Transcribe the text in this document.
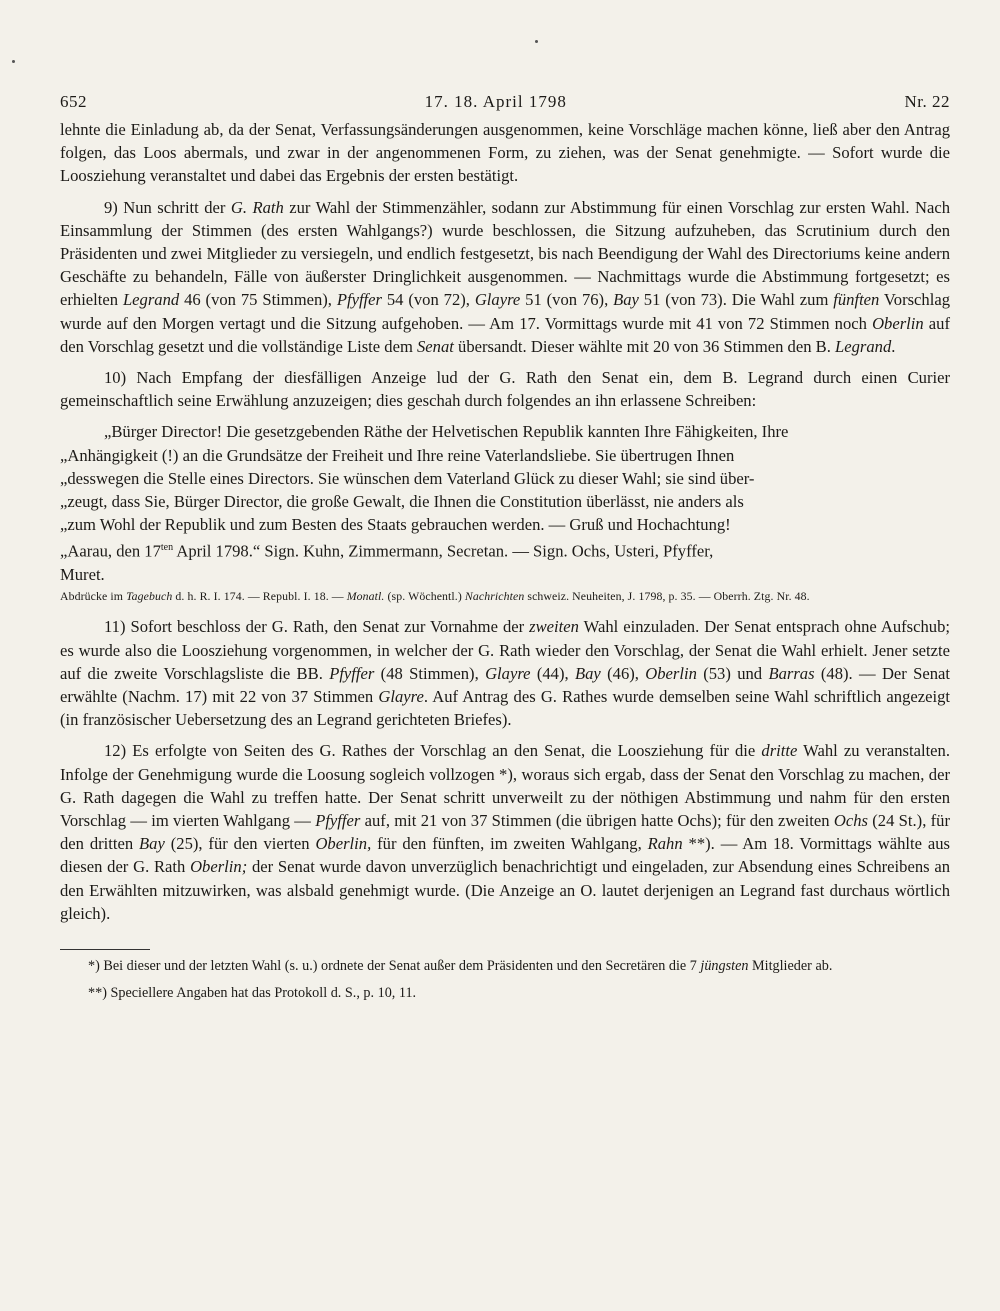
652	17. 18. April 1798	Nr. 22

lehnte die Einladung ab, da der Senat, Verfassungsänderungen ausgenommen, keine Vorschläge machen könne, ließ aber den Antrag folgen, das Loos abermals, und zwar in der angenommenen Form, zu ziehen, was der Senat genehmigte. — Sofort wurde die Loosziehung veranstaltet und dabei das Ergebnis der ersten bestätigt.

9) Nun schritt der G. Rath zur Wahl der Stimmenzähler, sodann zur Abstimmung für einen Vorschlag zur ersten Wahl. Nach Einsammlung der Stimmen (des ersten Wahlgangs?) wurde beschlossen, die Sitzung aufzuheben, das Scrutinium durch den Präsidenten und zwei Mitglieder zu versiegeln, und endlich festgesetzt, bis nach Beendigung der Wahl des Directoriums keine andern Geschäfte zu behandeln, Fälle von äußerster Dringlichkeit ausgenommen. — Nachmittags wurde die Abstimmung fortgesetzt; es erhielten Legrand 46 (von 75 Stimmen), Pfyffer 54 (von 72), Glayre 51 (von 76), Bay 51 (von 73). Die Wahl zum fünften Vorschlag wurde auf den Morgen vertagt und die Sitzung aufgehoben. — Am 17. Vormittags wurde mit 41 von 72 Stimmen noch Oberlin auf den Vorschlag gesetzt und die vollständige Liste dem Senat übersandt. Dieser wählte mit 20 von 36 Stimmen den B. Legrand.

10) Nach Empfang der diesfälligen Anzeige lud der G. Rath den Senat ein, dem B. Legrand durch einen Curier gemeinschaftlich seine Erwählung anzuzeigen; dies geschah durch folgendes an ihn erlassene Schreiben:

„Bürger Director! Die gesetzgebenden Räthe der Helvetischen Republik kannten Ihre Fähigkeiten, Ihre

„Anhängigkeit (!) an die Grundsätze der Freiheit und Ihre reine Vaterlandsliebe. Sie übertrugen Ihnen

„desswegen die Stelle eines Directors. Sie wünschen dem Vaterland Glück zu dieser Wahl; sie sind über-

„zeugt, dass Sie, Bürger Director, die große Gewalt, die Ihnen die Constitution überlässt, nie anders als

„zum Wohl der Republik und zum Besten des Staats gebrauchen werden. — Gruß und Hochachtung!

„Aarau, den $17^{ten}$ April 1798.“ Sign. Kuhn, Zimmermann, Secretan. — Sign. Ochs, Usteri, Pfyffer,

Muret.

Abdrücke im Tagebuch d. h. R. I. 174. — Republ. I. 18. — Monatl. (sp. Wöchentl.) Nachrichten schweiz. Neuheiten, J. 1798, p. 35. — Oberrh. Ztg. Nr. 48.

11) Sofort beschloss der G. Rath, den Senat zur Vornahme der zweiten Wahl einzuladen. Der Senat entsprach ohne Aufschub; es wurde also die Loosziehung vorgenommen, in welcher der G. Rath wieder den Vorschlag, der Senat die Wahl erhielt. Jener setzte auf die zweite Vorschlagsliste die BB. Pfyffer (48 Stimmen), Glayre (44), Bay (46), Oberlin (53) und Barras (48). — Der Senat erwählte (Nachm. 17) mit 22 von 37 Stimmen Glayre. Auf Antrag des G. Rathes wurde demselben seine Wahl schriftlich angezeigt (in französischer Uebersetzung des an Legrand gerichteten Briefes).

12) Es erfolgte von Seiten des G. Rathes der Vorschlag an den Senat, die Loosziehung für die dritte Wahl zu veranstalten. Infolge der Genehmigung wurde die Loosung sogleich vollzogen *), woraus sich ergab, dass der Senat den Vorschlag zu machen, der G. Rath dagegen die Wahl zu treffen hatte. Der Senat schritt unverweilt zu der nöthigen Abstimmung und nahm für den ersten Vorschlag — im vierten Wahlgang — Pfyffer auf, mit 21 von 37 Stimmen (die übrigen hatte Ochs); für den zweiten Ochs (24 St.), für den dritten Bay (25), für den vierten Oberlin, für den fünften, im zweiten Wahlgang, Rahn **). — Am 18. Vormittags wählte aus diesen der G. Rath Oberlin; der Senat wurde davon unverzüglich benachrichtigt und eingeladen, zur Absendung eines Schreibens an den Erwählten mitzuwirken, was alsbald genehmigt wurde. (Die Anzeige an O. lautet derjenigen an Legrand fast durchaus wörtlich gleich).

*) Bei dieser und der letzten Wahl (s. u.) ordnete der Senat außer dem Präsidenten und den Secretären die 7 jüngsten Mitglieder ab.

**) Speciellere Angaben hat das Protokoll d. S., p. 10, 11.
